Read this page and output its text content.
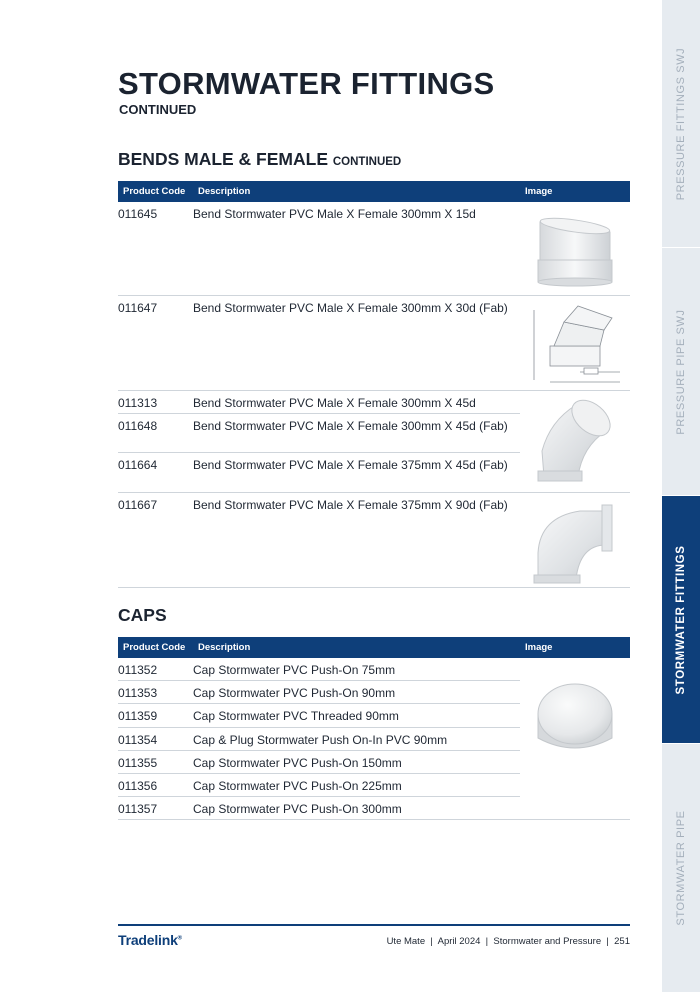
PRESSURE FITTINGS SWJ
PRESSURE PIPE SWJ
STORMWATER FITTINGS
STORMWATER PIPE
STORMWATER FITTINGS
CONTINUED
BENDS MALE & FEMALE CONTINUED
Product Code Description	Image
011645	Bend Stormwater PVC Male X Female 300mm X 15d
011647	Bend Stormwater PVC Male X Female 300mm X 30d (Fab)
011313	Bend Stormwater PVC Male X Female 300mm X 45d
011648	Bend Stormwater PVC Male X Female 300mm X 45d (Fab)
011664	Bend Stormwater PVC Male X Female 375mm X 45d (Fab)
011667	Bend Stormwater PVC Male X Female 375mm X 90d (Fab)
CAPS
Product Code Description	Image
011352	Cap Stormwater PVC Push-On 75mm
011353	Cap Stormwater PVC Push-On 90mm
011359	Cap Stormwater PVC Threaded 90mm
011354	Cap & Plug Stormwater Push On-In PVC 90mm
011355	Cap Stormwater PVC Push-On 150mm
011356	Cap Stormwater PVC Push-On 225mm
011357	Cap Stormwater PVC Push-On 300mm
Tradelink®	Ute Mate  |  April 2024  |  Stormwater and Pressure  |  251
